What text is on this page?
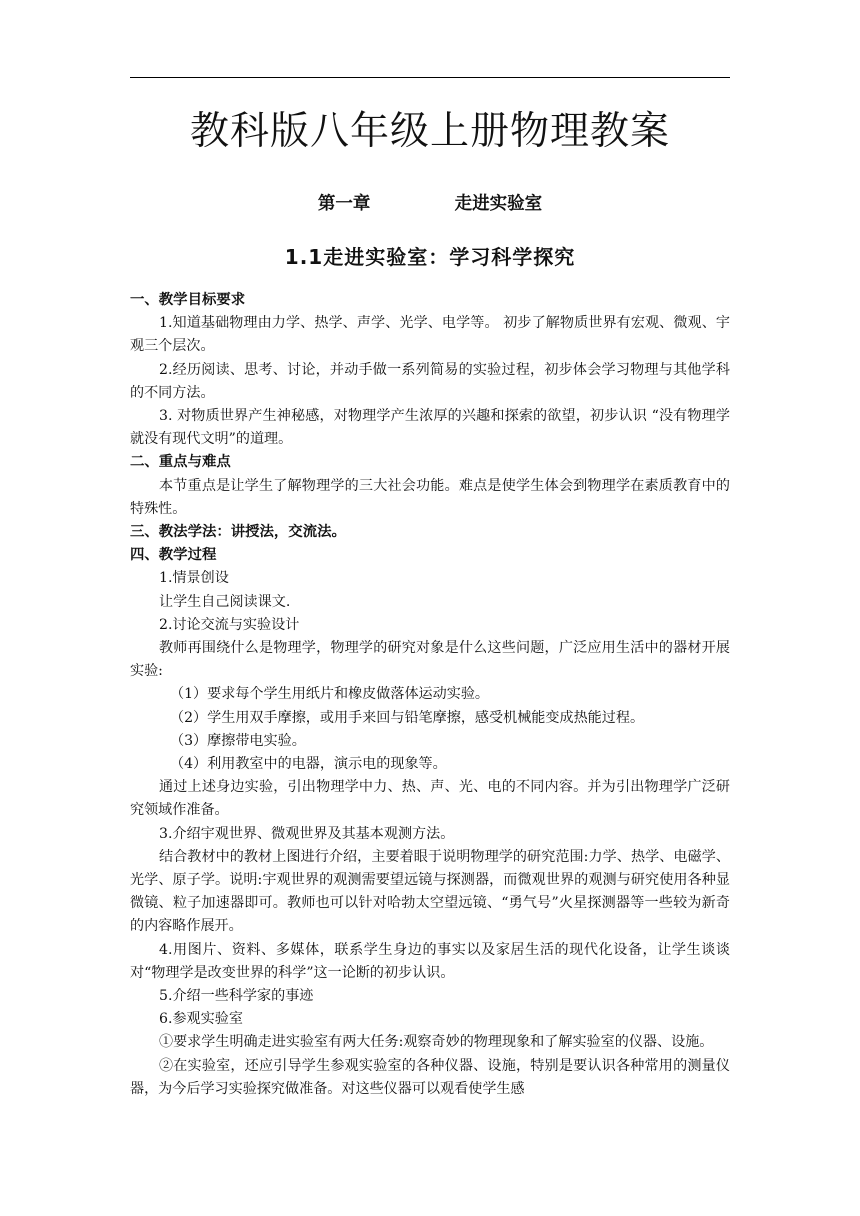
教科版八年级上册物理教案
第一章   走进实验室
1.1走进实验室：学习科学探究
一、教学目标要求
1.知道基础物理由力学、热学、声学、光学、电学等。 初步了解物质世界有宏观、微观、宇观三个层次。
2.经历阅读、思考、讨论，并动手做一系列简易的实验过程，初步体会学习物理与其他学科的不同方法。
3. 对物质世界产生神秘感，对物理学产生浓厚的兴趣和探索的欲望，初步认识 “没有物理学就没有现代文明”的道理。
二、重点与难点
本节重点是让学生了解物理学的三大社会功能。难点是使学生体会到物理学在素质教育中的特殊性。
三、教法学法：讲授法，交流法。
四、教学过程
1.情景创设
让学生自己阅读课文.
2.讨论交流与实验设计
教师再围绕什么是物理学，物理学的研究对象是什么这些问题，广泛应用生活中的器材开展实验:
（1）要求每个学生用纸片和橡皮做落体运动实验。
（2）学生用双手摩擦，或用手来回与铅笔摩擦，感受机械能变成热能过程。
（3）摩擦带电实验。
（4）利用教室中的电器，演示电的现象等。
通过上述身边实验，引出物理学中力、热、声、光、电的不同内容。并为引出物理学广泛研究领域作准备。
3.介绍宇观世界、微观世界及其基本观测方法。
结合教材中的教材上图进行介绍，主要着眼于说明物理学的研究范围:力学、热学、电磁学、光学、原子学。说明:宇观世界的观测需要望远镜与探测器，而微观世界的观测与研究使用各种显微镜、粒子加速器即可。教师也可以针对哈勃太空望远镜、“勇气号”火星探测器等一些较为新奇的内容略作展开。
4.用图片、资料、多媒体，联系学生身边的事实以及家居生活的现代化设备，让学生谈谈对“物理学是改变世界的科学”这一论断的初步认识。
5.介绍一些科学家的事迹
6.参观实验室
①要求学生明确走进实验室有两大任务:观察奇妙的物理现象和了解实验室的仪器、设施。
②在实验室，还应引导学生参观实验室的各种仪器、设施，特别是要认识各种常用的测量仪器，为今后学习实验探究做准备。对这些仪器可以观看使学生感
